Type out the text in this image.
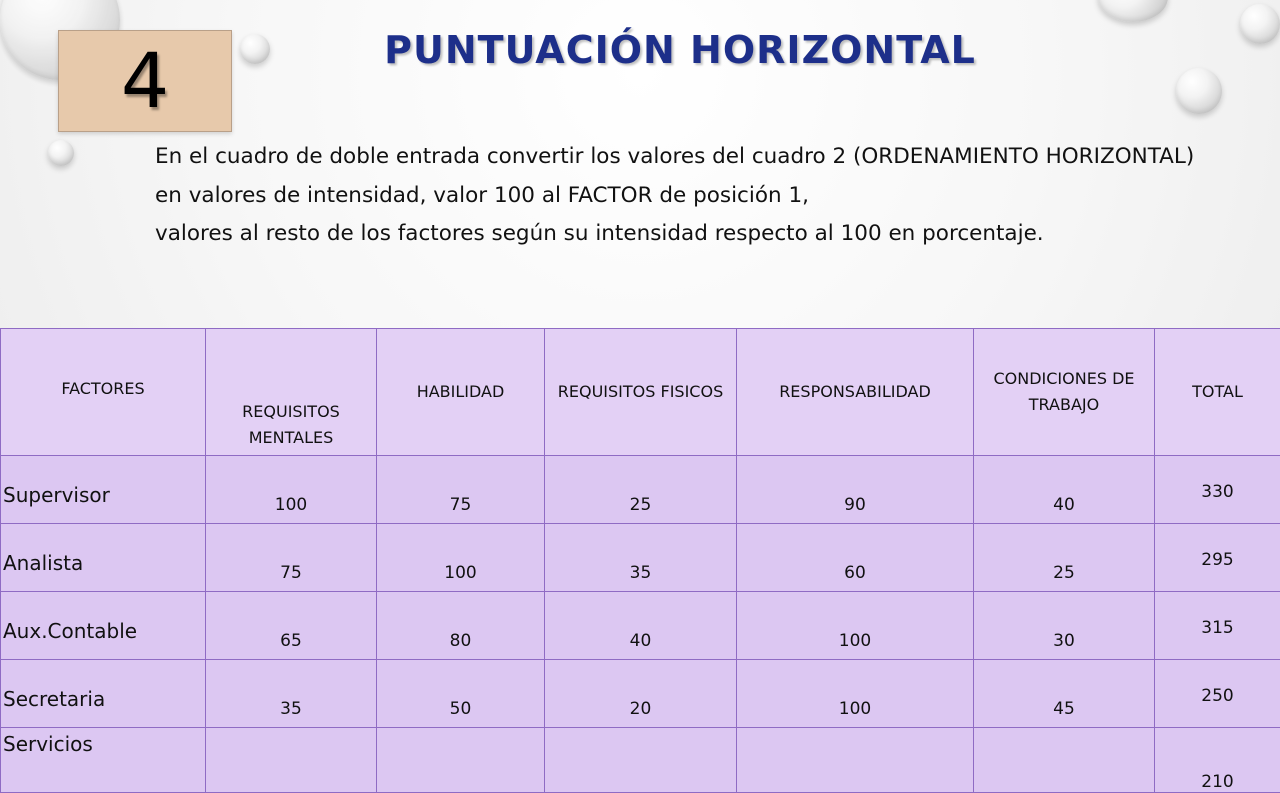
4	PUNTUACIÓN HORIZONTAL

En el cuadro de doble entrada convertir los valores del cuadro 2 (ORDENAMIENTO HORIZONTAL) en valores de intensidad, valor 100 al FACTOR de posición 1,

valores al resto de los factores según su intensidad respecto al 100 en porcentaje.

FACTORES	REQUISITOS MENTALES	HABILIDAD	REQUISITOS FISICOS	RESPONSABILIDAD	CONDICIONES DE TRABAJO	TOTAL
Supervisor	100	75	25	90	40	330
Analista	75	100	35	60	25	295
Aux.Contable	65	80	40	100	30	315
Secretaria	35	50	20	100	45	250
Servicios						210
